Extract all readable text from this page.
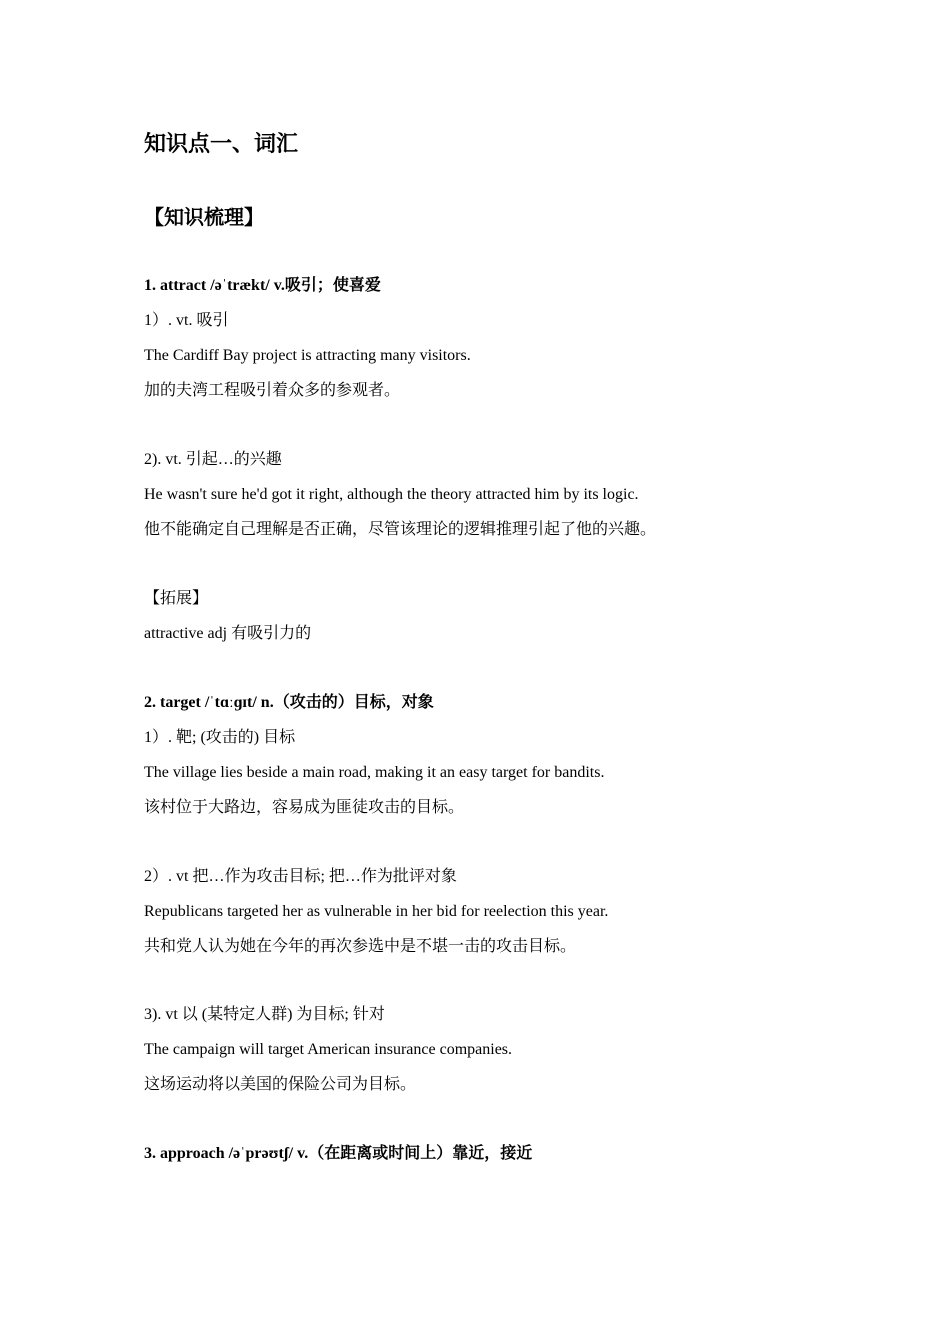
知识点一、词汇
【知识梳理】
1. attract /əˈtrækt/ v.吸引；使喜爱
1）. vt. 吸引
The Cardiff Bay project is attracting many visitors.
加的夫湾工程吸引着众多的参观者。
2). vt. 引起…的兴趣
He wasn't sure he'd got it right, although the theory attracted him by its logic.
他不能确定自己理解是否正确，尽管该理论的逻辑推理引起了他的兴趣。
【拓展】
attractive adj 有吸引力的
2. target /ˈtɑːɡɪt/ n.（攻击的）目标，对象
1）. 靶; (攻击的) 目标
The village lies beside a main road, making it an easy target for bandits.
该村位于大路边，容易成为匪徒攻击的目标。
2）. vt 把…作为攻击目标; 把…作为批评对象
Republicans targeted her as vulnerable in her bid for reelection this year.
共和党人认为她在今年的再次参选中是不堪一击的攻击目标。
3). vt 以 (某特定人群) 为目标; 针对
The campaign will target American insurance companies.
这场运动将以美国的保险公司为目标。
3. approach /əˈprəʊtʃ/ v.（在距离或时间上）靠近，接近
